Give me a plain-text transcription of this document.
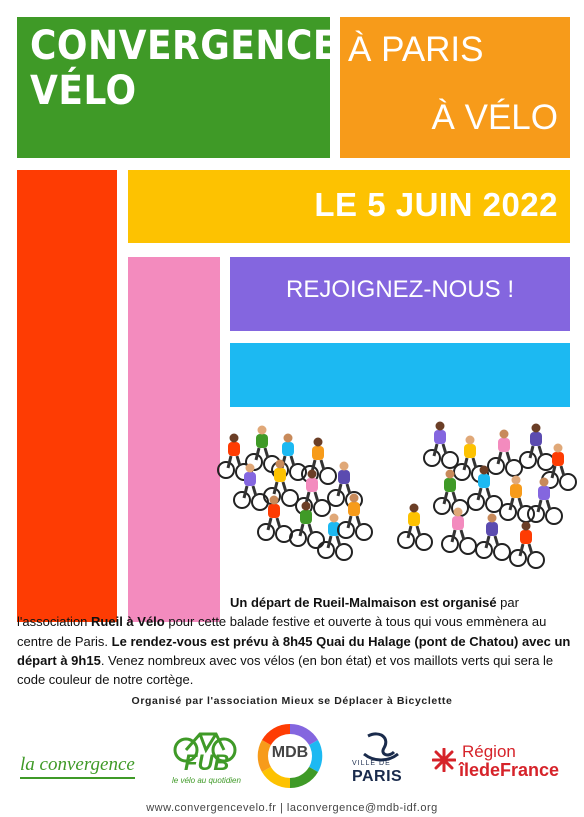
CONVERGENCE
VÉLO
À PARIS
À VÉLO
LE 5 JUIN 2022
REJOIGNEZ-NOUS !
Un départ de Rueil-Malmaison est organisé par l'association Rueil à Vélo pour cette balade festive et ouverte à tous qui vous emmènera au centre de Paris. Le rendez-vous est prévu à 8h45 Quai du Halage (pont de Chatou) avec un départ à 9h15. Venez nombreux avec vos vélos (en bon état) et vos maillots verts qui sera le code couleur de notre cortège.
Organisé par l'association Mieux se Déplacer à Bicyclette
la convergence FUB
le vélo au quotidien
MDB
VILLE DE
PARIS
Région
îledeFrance
www.convergencevelo.fr | laconvergence@mdb-idf.org
